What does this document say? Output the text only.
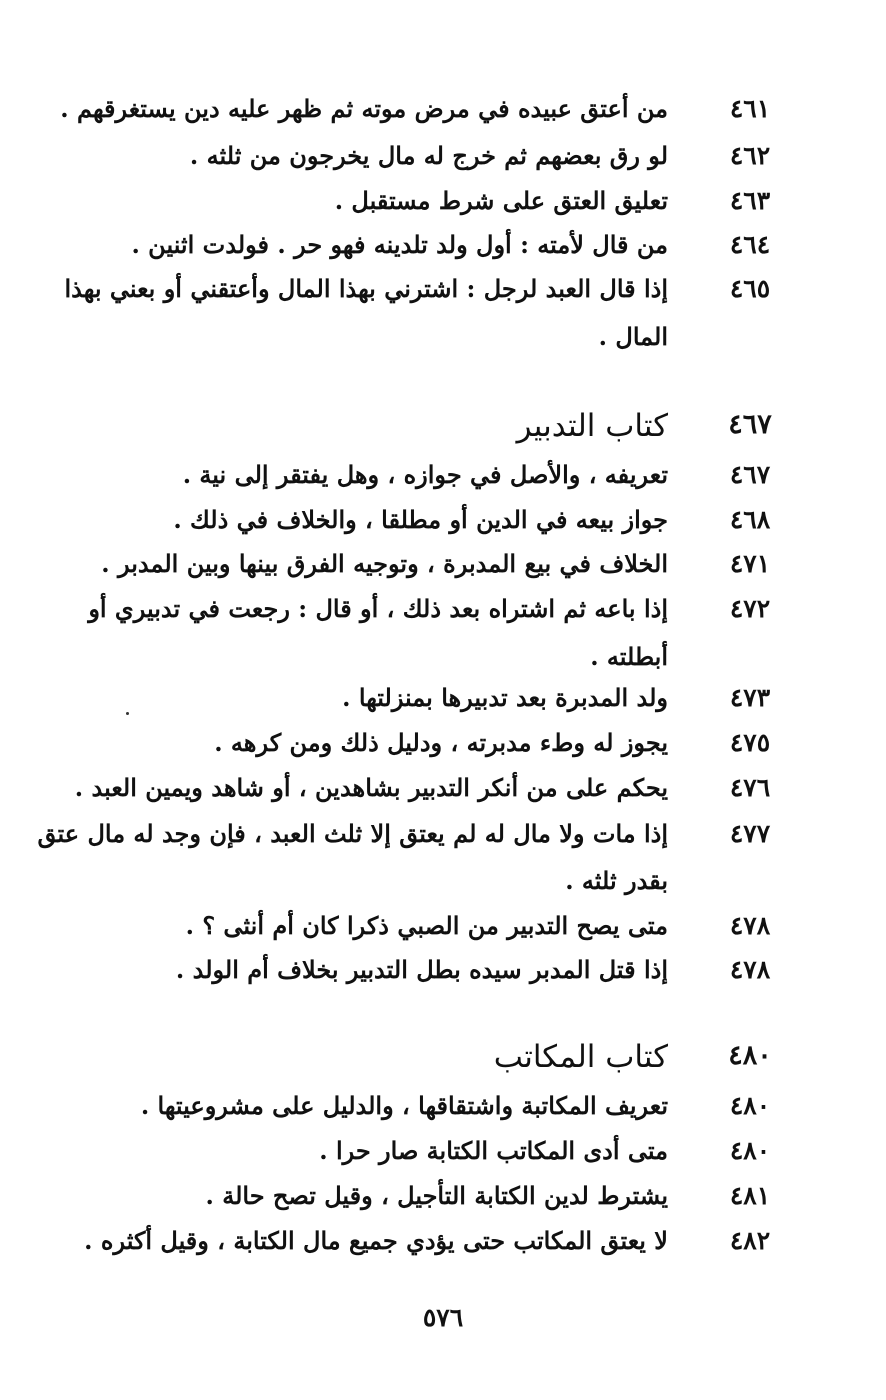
٤٦١
من أعتق عبيده في مرض موته ثم ظهر عليه دين يستغرقهم .
٤٦٢
لو رق بعضهم ثم خرج له مال يخرجون من ثلثه .
٤٦٣
تعليق العتق على شرط مستقبل .
٤٦٤
من قال لأمته : أول ولد تلدينه فهو حر . فولدت اثنين .
٤٦٥
إذا قال العبد لرجل : اشترني بهذا المال وأعتقني أو بعني بهذا
المال .
٤٦٧
كتاب التدبير
٤٦٧
تعريفه ، والأصل في جوازه ، وهل يفتقر إلى نية .
٤٦٨
جواز بيعه في الدين أو مطلقا ، والخلاف في ذلك .
٤٧١
الخلاف في بيع المدبرة ، وتوجيه الفرق بينها وبين المدبر .
٤٧٢
إذا باعه ثم اشتراه بعد ذلك ، أو قال : رجعت في تدبيري أو
أبطلته .
٤٧٣
ولد المدبرة بعد تدبيرها بمنزلتها .
٤٧٥
يجوز له وطء مدبرته ، ودليل ذلك ومن كرهه .
٤٧٦
يحكم على من أنكر التدبير بشاهدين ، أو شاهد ويمين العبد .
٤٧٧
إذا مات ولا مال له لم يعتق إلا ثلث العبد ، فإن وجد له مال عتق
بقدر ثلثه .
٤٧٨
متى يصح التدبير من الصبي ذكرا كان أم أنثى ؟ .
٤٧٨
إذا قتل المدبر سيده بطل التدبير بخلاف أم الولد .
٤٨٠
كتاب المكاتب
٤٨٠
تعريف المكاتبة واشتقاقها ، والدليل على مشروعيتها .
٤٨٠
متى أدى المكاتب الكتابة صار حرا .
٤٨١
يشترط لدين الكتابة التأجيل ، وقيل تصح حالة .
٤٨٢
لا يعتق المكاتب حتى يؤدي جميع مال الكتابة ، وقيل أكثره .
٥٧٦
